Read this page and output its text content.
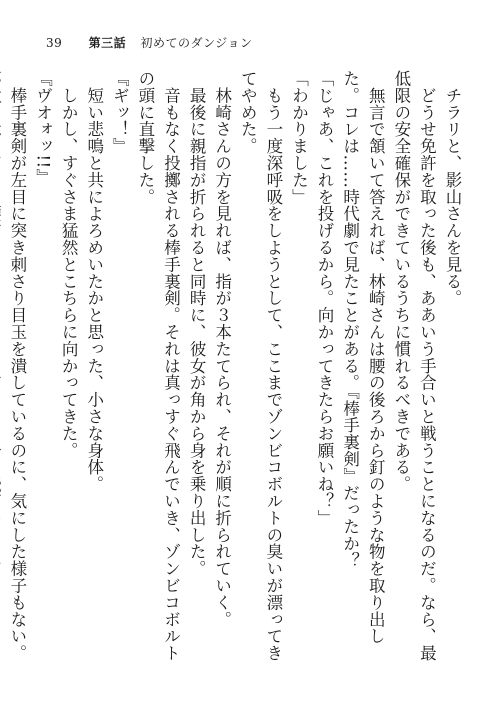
39 第三話 初めてのダンジョン

　チラリと、影山さんを見る。

　どうせ免許を取った後も、ああいう手合いと戦うことになるのだ。なら、最低限の安全確保ができているうちに慣れるべきである。

　無言で頷いて答えれば、林崎さんは腰の後ろから釘のような物を取り出した。コレは……時代劇で見たことがある。『棒手裏剣』だったか？

「じゃあ、これを投げるから。向かってきたらお願いね？」

「わかりました」

　もう一度深呼吸をしようとして、ここまでゾンビコボルトの臭いが漂ってきてやめた。

　林崎さんの方を見れば、指が３本たてられ、それが順に折られていく。

　最後に親指が折られると同時に、彼女が角から身を乗り出した。

　音もなく投擲される棒手裏剣。それは真っすぐ飛んでいき、ゾンビコボルトの頭に直撃した。

『ギッ！』

　短い悲鳴と共によろめいたかと思った、小さな身体。

　しかし、すぐさま猛然とこちらに向かってきた。

『ヴオォッ!!』

　棒手裏剣が左目に突き刺さり目玉を潰しているのに、気にした様子もない。
